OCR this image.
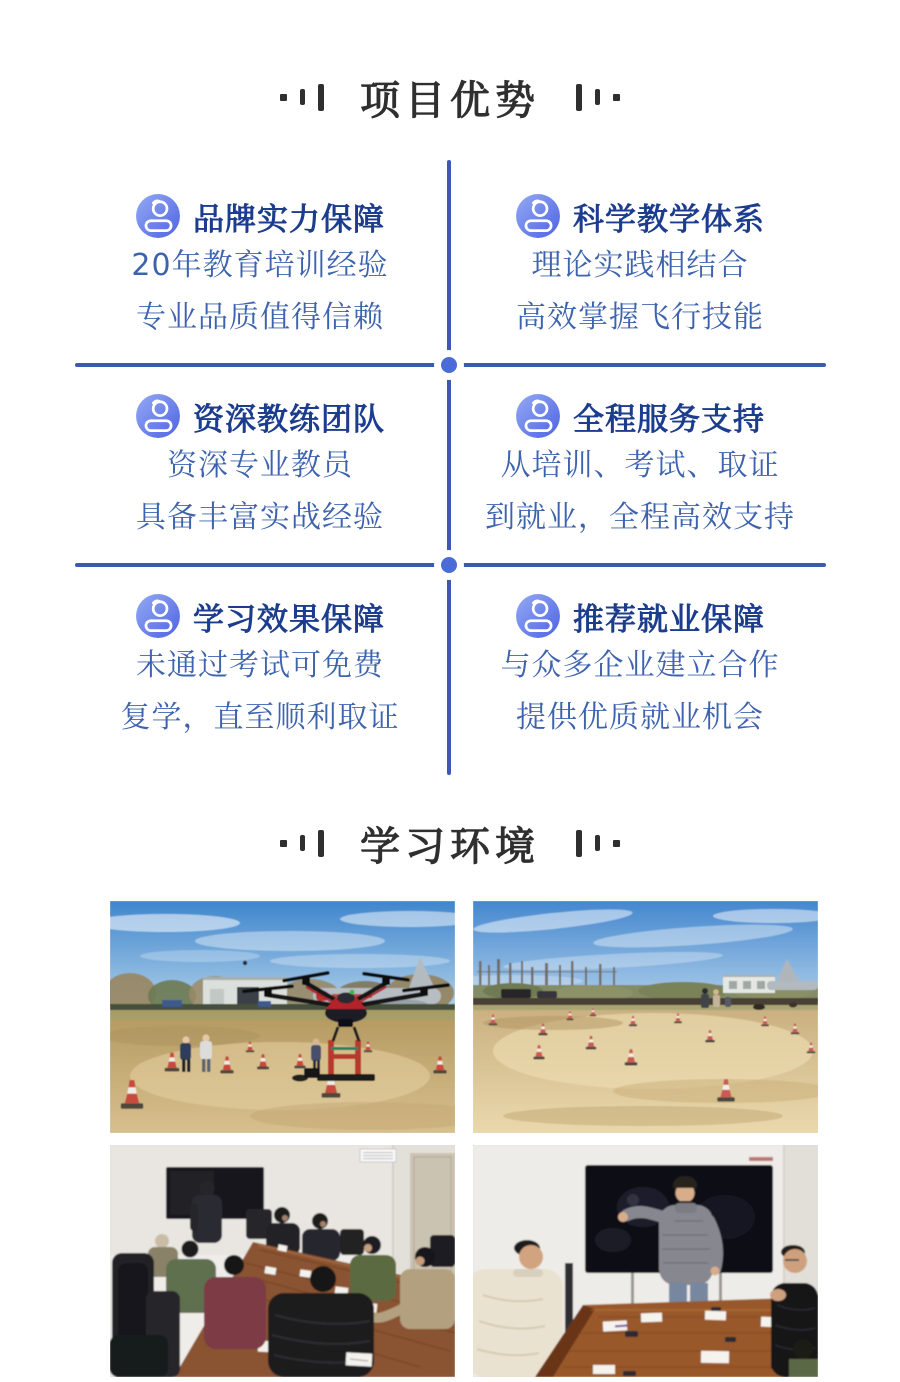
项目优势
品牌实力保障
20年教育培训经验
专业品质值得信赖
科学教学体系
理论实践相结合
高效掌握飞行技能
资深教练团队
资深专业教员
具备丰富实战经验
全程服务支持
从培训、考试、取证
到就业，全程高效支持
学习效果保障
未通过考试可免费
复学，直至顺利取证
推荐就业保障
与众多企业建立合作
提供优质就业机会
学习环境
